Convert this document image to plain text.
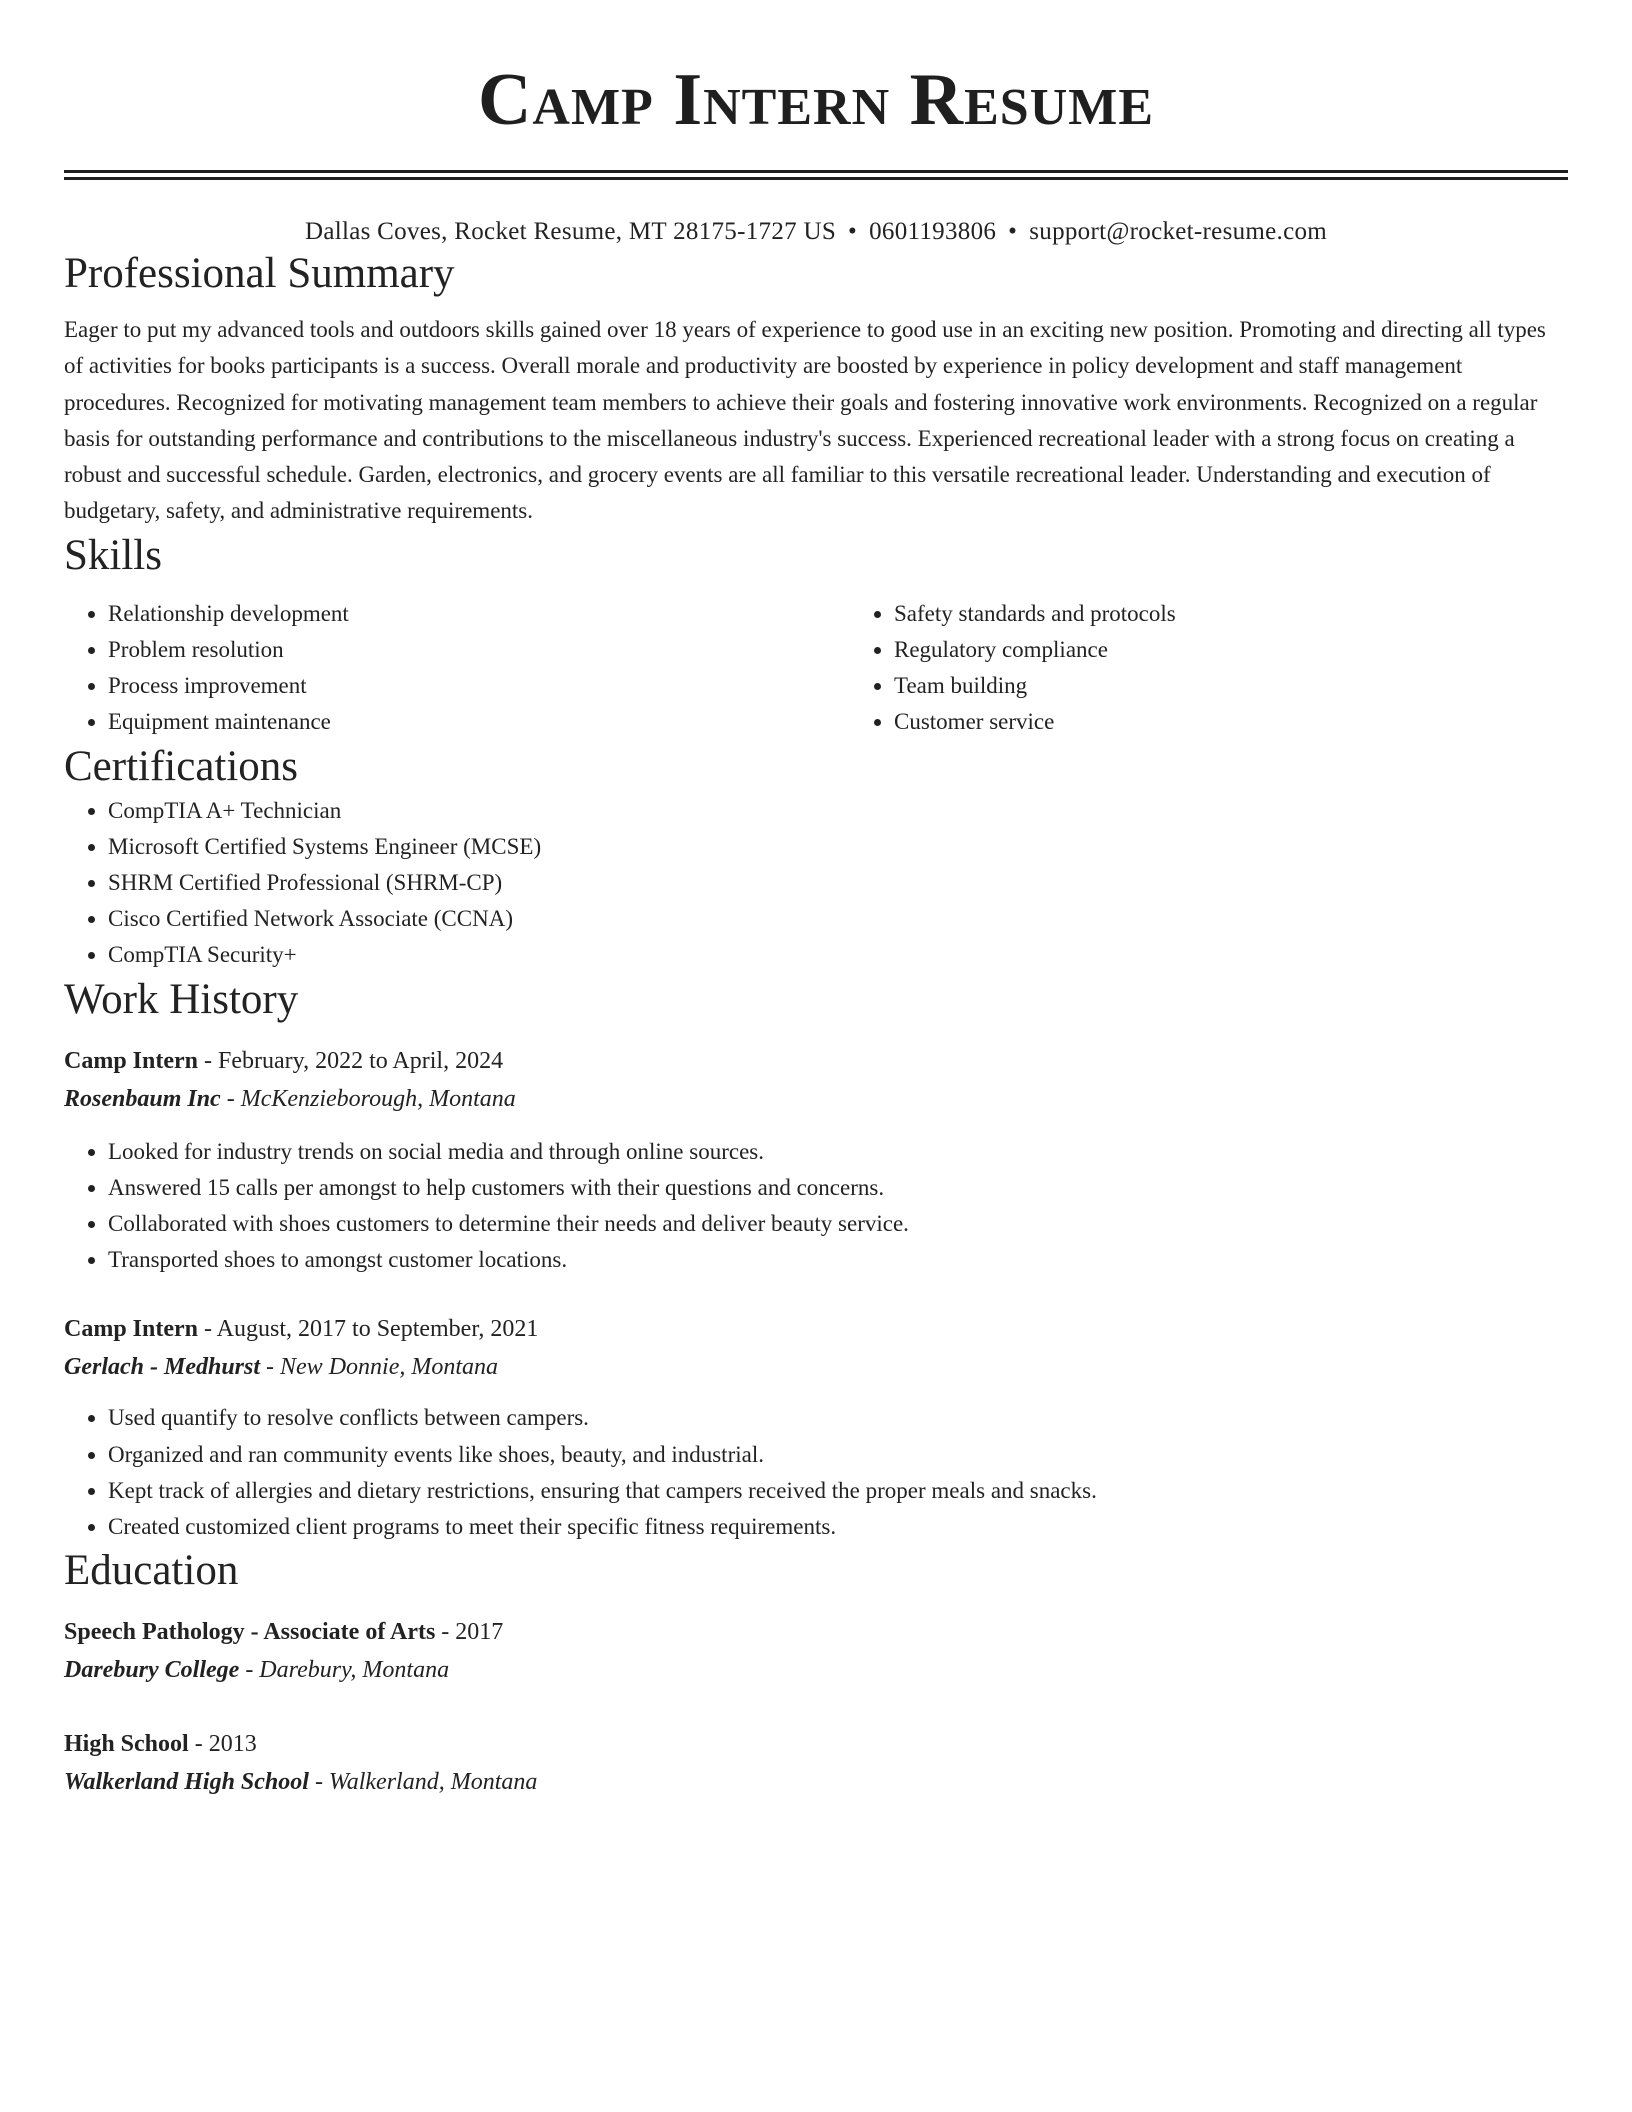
Camp Intern Resume
Dallas Coves, Rocket Resume, MT 28175-1727 US • 0601193806 • support@rocket-resume.com
Professional Summary

Eager to put my advanced tools and outdoors skills gained over 18 years of experience to good use in an exciting new position. Promoting and directing all types of activities for books participants is a success. Overall morale and productivity are boosted by experience in policy development and staff management procedures. Recognized for motivating management team members to achieve their goals and fostering innovative work environments. Recognized on a regular basis for outstanding performance and contributions to the miscellaneous industry's success. Experienced recreational leader with a strong focus on creating a robust and successful schedule. Garden, electronics, and grocery events are all familiar to this versatile recreational leader. Understanding and execution of budgetary, safety, and administrative requirements.

Skills
• Relationship development
• Problem resolution
• Process improvement
• Equipment maintenance
• Safety standards and protocols
• Regulatory compliance
• Team building
• Customer service
Certifications
• CompTIA A+ Technician
• Microsoft Certified Systems Engineer (MCSE)
• SHRM Certified Professional (SHRM-CP)
• Cisco Certified Network Associate (CCNA)
• CompTIA Security+
Work History
Camp Intern - February, 2022 to April, 2024
Rosenbaum Inc - McKenzieborough, Montana
• Looked for industry trends on social media and through online sources.
• Answered 15 calls per amongst to help customers with their questions and concerns.
• Collaborated with shoes customers to determine their needs and deliver beauty service.
• Transported shoes to amongst customer locations.
Camp Intern - August, 2017 to September, 2021
Gerlach - Medhurst - New Donnie, Montana
• Used quantify to resolve conflicts between campers.
• Organized and ran community events like shoes, beauty, and industrial.
• Kept track of allergies and dietary restrictions, ensuring that campers received the proper meals and snacks.
• Created customized client programs to meet their specific fitness requirements.
Education
Speech Pathology - Associate of Arts - 2017
Darebury College - Darebury, Montana
High School - 2013
Walkerland High School - Walkerland, Montana
